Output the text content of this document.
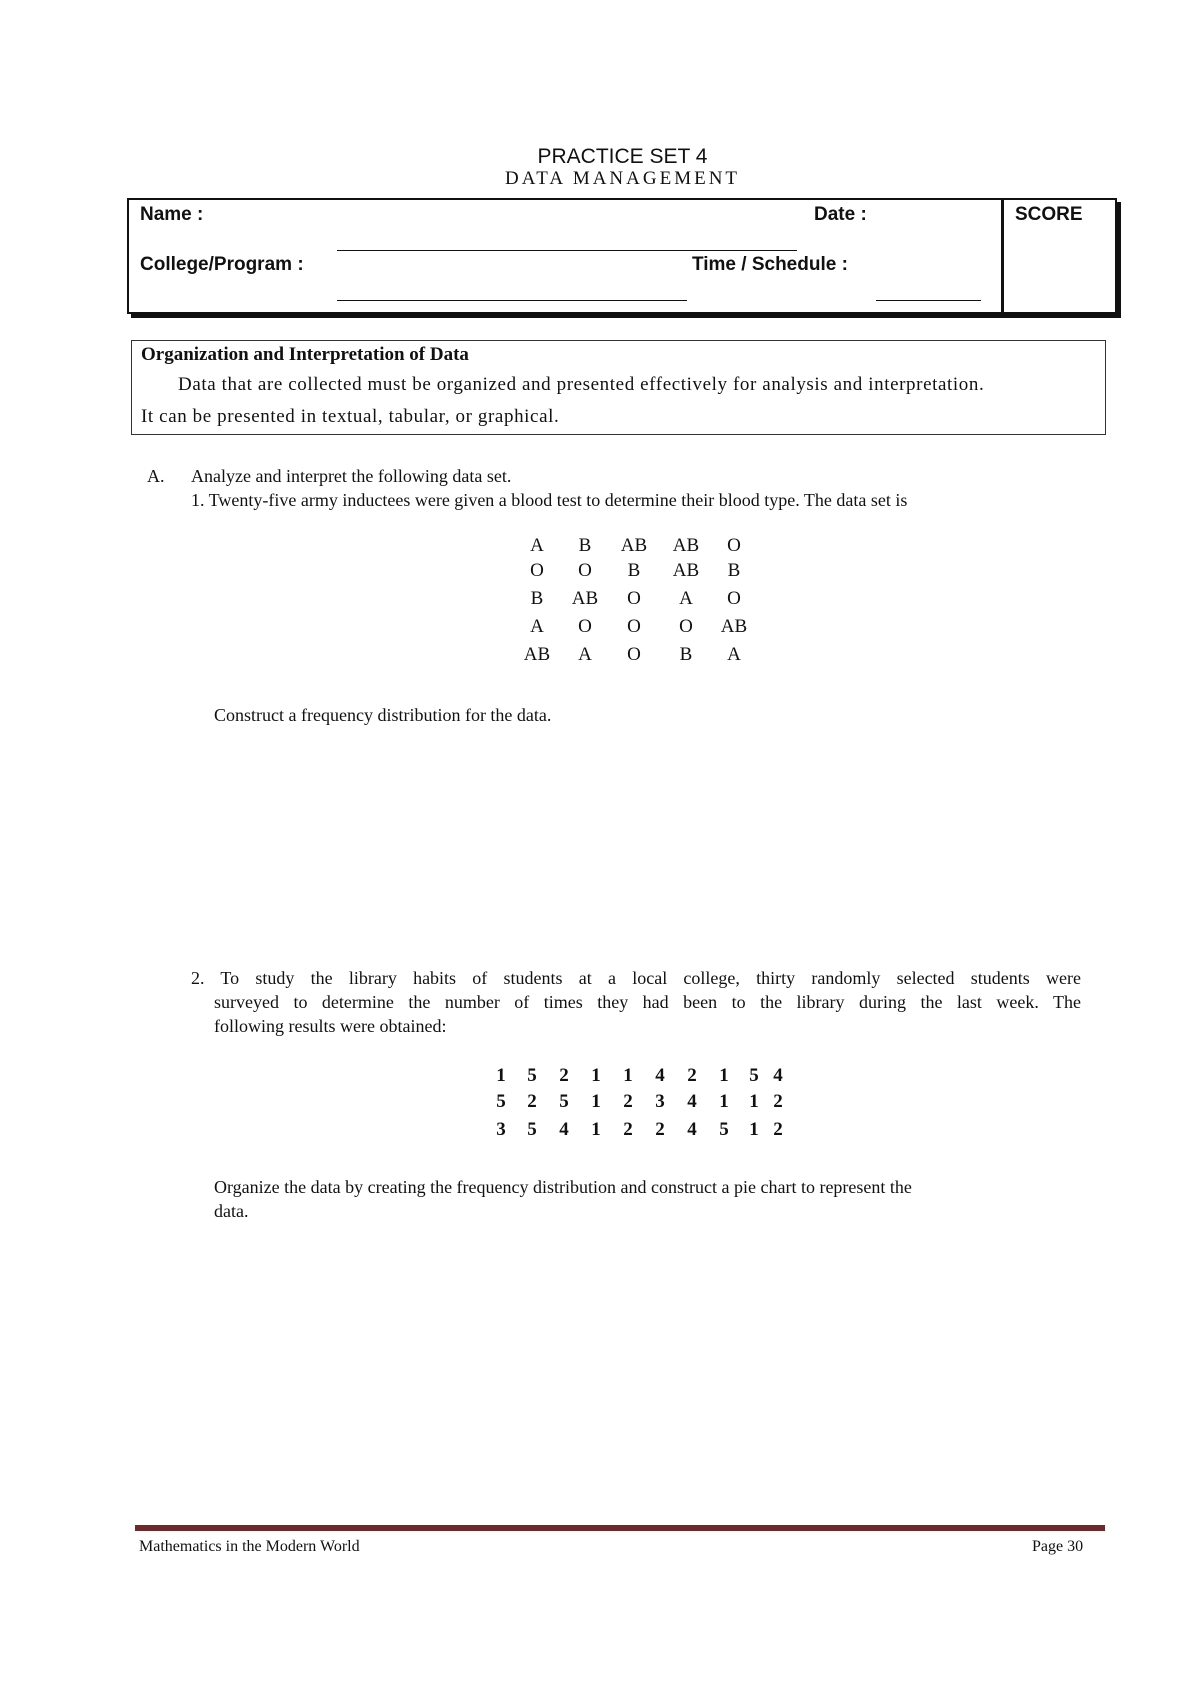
PRACTICE SET 4
DATA MANAGEMENT
Name :	Date :	SCORE
College/Program :	Time / Schedule :
Organization and Interpretation of Data
Data that are collected must be organized and presented effectively for analysis and interpretation.
It can be presented in textual, tabular, or graphical.
A. Analyze and interpret the following data set.
1. Twenty-five army inductees were given a blood test to determine their blood type. The data set is
A	B	AB	AB	O
O	O	B	AB	B
B	AB	O	A	O
A	O	O	O	AB
AB	A	O	B	A
Construct a frequency distribution for the data.
2. To study the library habits of students at a local college, thirty randomly selected students were
surveyed to determine the number of times they had been to the library during the last week. The
following results were obtained:
1 5 2 1 1 4 2 1 5 4
5 2 5 1 2 3 4 1 1 2
3 5 4 1 2 2 4 5 1 2
Organize the data by creating the frequency distribution and construct a pie chart to represent the
data.
Mathematics in the Modern World	Page 30
